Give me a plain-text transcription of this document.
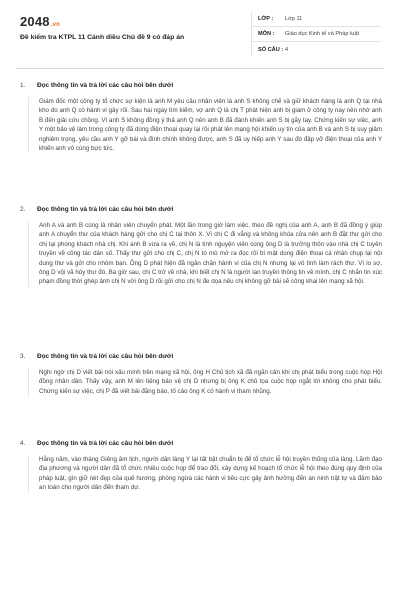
2048.vn
Đề kiểm tra KTPL 11 Cánh diều Chủ đề 9 có đáp án
LỚP :	Lớp 11
MÔN :	Giáo dục Kinh tế và Pháp luật
SỐ CÂU : 4
1. Đọc thông tin và trả lời các câu hỏi bên dưới
Giám đốc một công ty tổ chức sự kiện là anh M yêu cầu nhân viên là anh S không chế và giữ khách hàng là anh Q tại nhà kho do anh Q có hành vi gây rối. Sau hai ngày tìm kiếm, vợ anh Q là chị T phát hiện anh bị giam ở công ty nay nên nhờ anh B đến giải cứu chồng. Vì anh S không đồng ý thả anh Q nên anh B đã đánh khiến anh S bị gãy tay. Chứng kiến sự việc, anh Y một bảo vệ làm trong công ty đã dùng điện thoại quay lại rồi phát lên mạng hội khiến uy tín của anh B và anh S bị suy giảm nghiêm trọng, yêu cầu anh Y gỡ bài và đính chính không được, anh S đã uy hiếp anh Y sau đó đập vỡ điện thoại của anh Y khiến anh vô cùng bực tức.
2. Đọc thông tin và trả lời các câu hỏi bên dưới
Anh A và anh B cùng là nhân viên chuyển phát. Một lần trong giờ làm việc, theo đề nghị của anh A, anh B đã đồng ý giúp anh A chuyển thư của khách hàng gửi cho chị C tại thôn X. Vì chị C đi vắng và không khóa cửa nên anh B đặt thư gửi cho chị tại phòng khách nhà chị. Khi anh B vừa ra về, chị N là tình nguyện viên cùng ông D là trưởng thôn vào nhà chị C tuyên truyền về công tác dân số. Thấy thư gửi cho chị C, chị N tò mò mở ra đọc rồi bí mật dùng điện thoại cá nhân chụp lại nội dung thư và gửi cho nhóm bạn. Ông D phát hiện đã ngăn chặn hành vi của chị N nhưng lại vô tình làm rách thư. Vì lo sợ, ông D vội vã hủy thư đó. Ba giờ sau, chị C trở về nhà, khi biết chị N là người lan truyền thông tin về mình, chị C nhắn tin xúc phạm đồng thời ghép ảnh chị N với ông D rồi gửi cho chị N đe dọa nếu chị không gỡ bài sẽ công khai lên mạng xã hội.
3. Đọc thông tin và trả lời các câu hỏi bên dưới
Nghi ngờ chị D viết bài nói xấu mình trên mạng xã hội, ông H Chủ tịch xã đã ngăn cản khi chị phát biểu trong cuộc họp Hội đồng nhân dân. Thấy vậy, anh M lên tiếng bảo vệ chị D nhưng bị ông K chủ tọa cuộc họp ngắt lời không cho phát biểu. Chứng kiến sự việc, chị P đã viết bài đăng báo, tố cáo ông K có hành vi tham nhũng.
4. Đọc thông tin và trả lời các câu hỏi bên dưới
Hằng năm, vào tháng Giêng âm lịch, người dân làng Y lại tất bật chuẩn bị để tổ chức lễ hội truyền thống của làng. Lãnh đạo địa phương và người dân đã tổ chức nhiều cuộc họp để trao đổi, xây dựng kế hoạch tổ chức lễ hội theo đúng quy định của pháp luật, gìn giữ nét đẹp của quê hương, phòng ngừa các hành vi tiêu cực gây ảnh hưởng đến an ninh trật tự và đảm bảo an toàn cho người dân đến tham dự.
